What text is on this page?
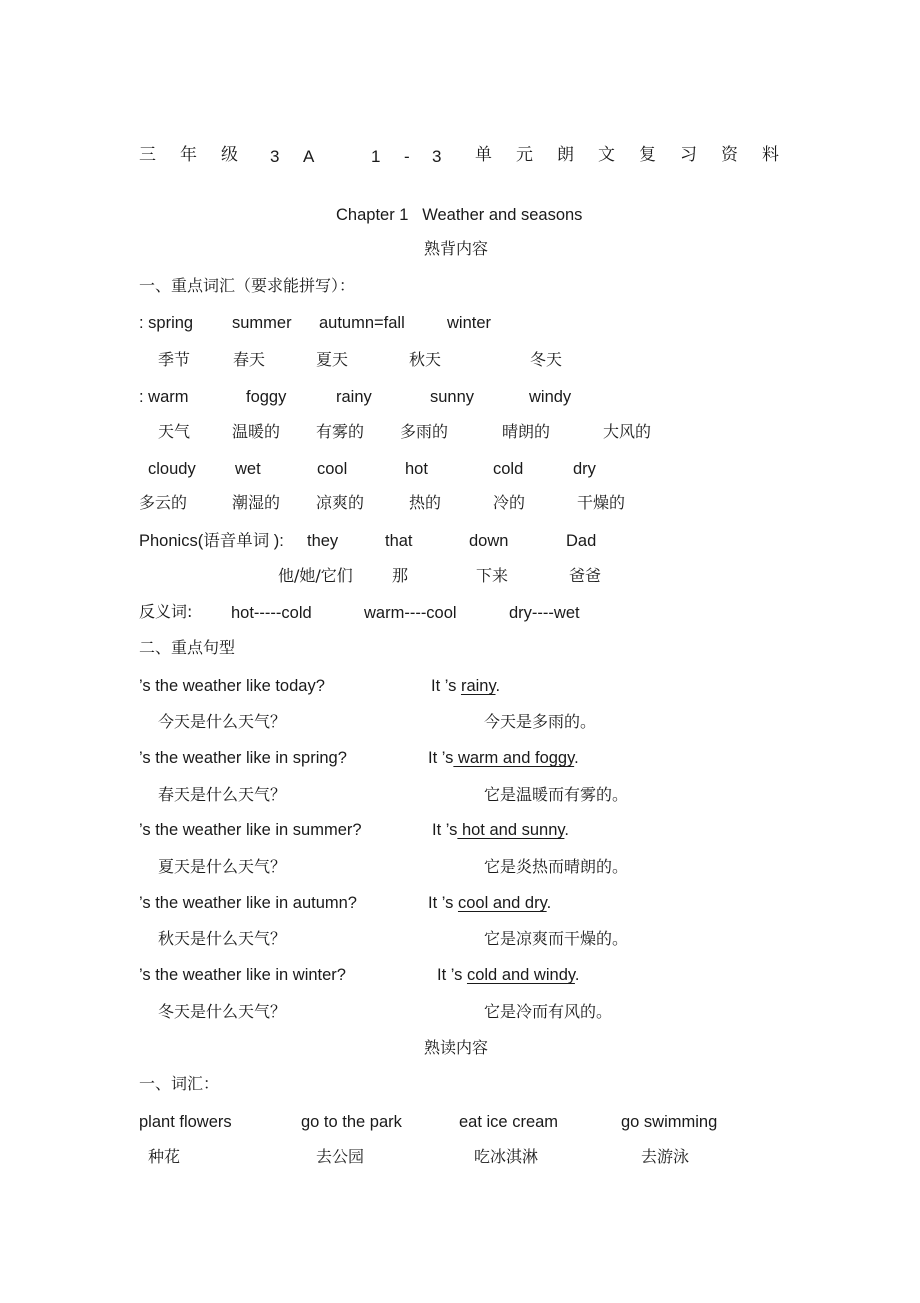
三 年 级 3 A	1 - 3 单 元 朗 文 复 习 资 料
Chapter 1   Weather and seasons
熟背内容
一、重点词汇（要求能拼写）：
: spring summer autumn=fall	winter
季节	春天	夏天	秋天	冬天
: warm	foggy	rainy	sunny	windy
天气	温暖的 有雾的 多雨的	晴朗的	大风的
cloudy wet	cool	hot	cold	dry
多云的	潮湿的 凉爽的	热的	冷的	干燥的
Phonics(语音单词 ): they	that	down	Dad
他/她/它们 那	下来	爸爸
反义词: hot-----cold	warm----cool	dry----wet
二、重点句型
’s the weather like today?	It ’s rainy.
今天是什么天气？	今天是多雨的。
’s the weather like in spring?	It ’s warm and foggy.
春天是什么天气？	它是温暖而有雾的。
’s the weather like in summer?	It ’s hot and sunny.
夏天是什么天气？	它是炎热而晴朗的。
’s the weather like in autumn?	It ’s cool and dry.
秋天是什么天气？	它是凉爽而干燥的。
’s the weather like in winter?	It ’s cold and windy.
冬天是什么天气？	它是冷而有风的。
熟读内容
一、词汇：
plant flowers	go to the park	eat ice cream	go swimming
种花	去公园	吃冰淇淋	去游泳
